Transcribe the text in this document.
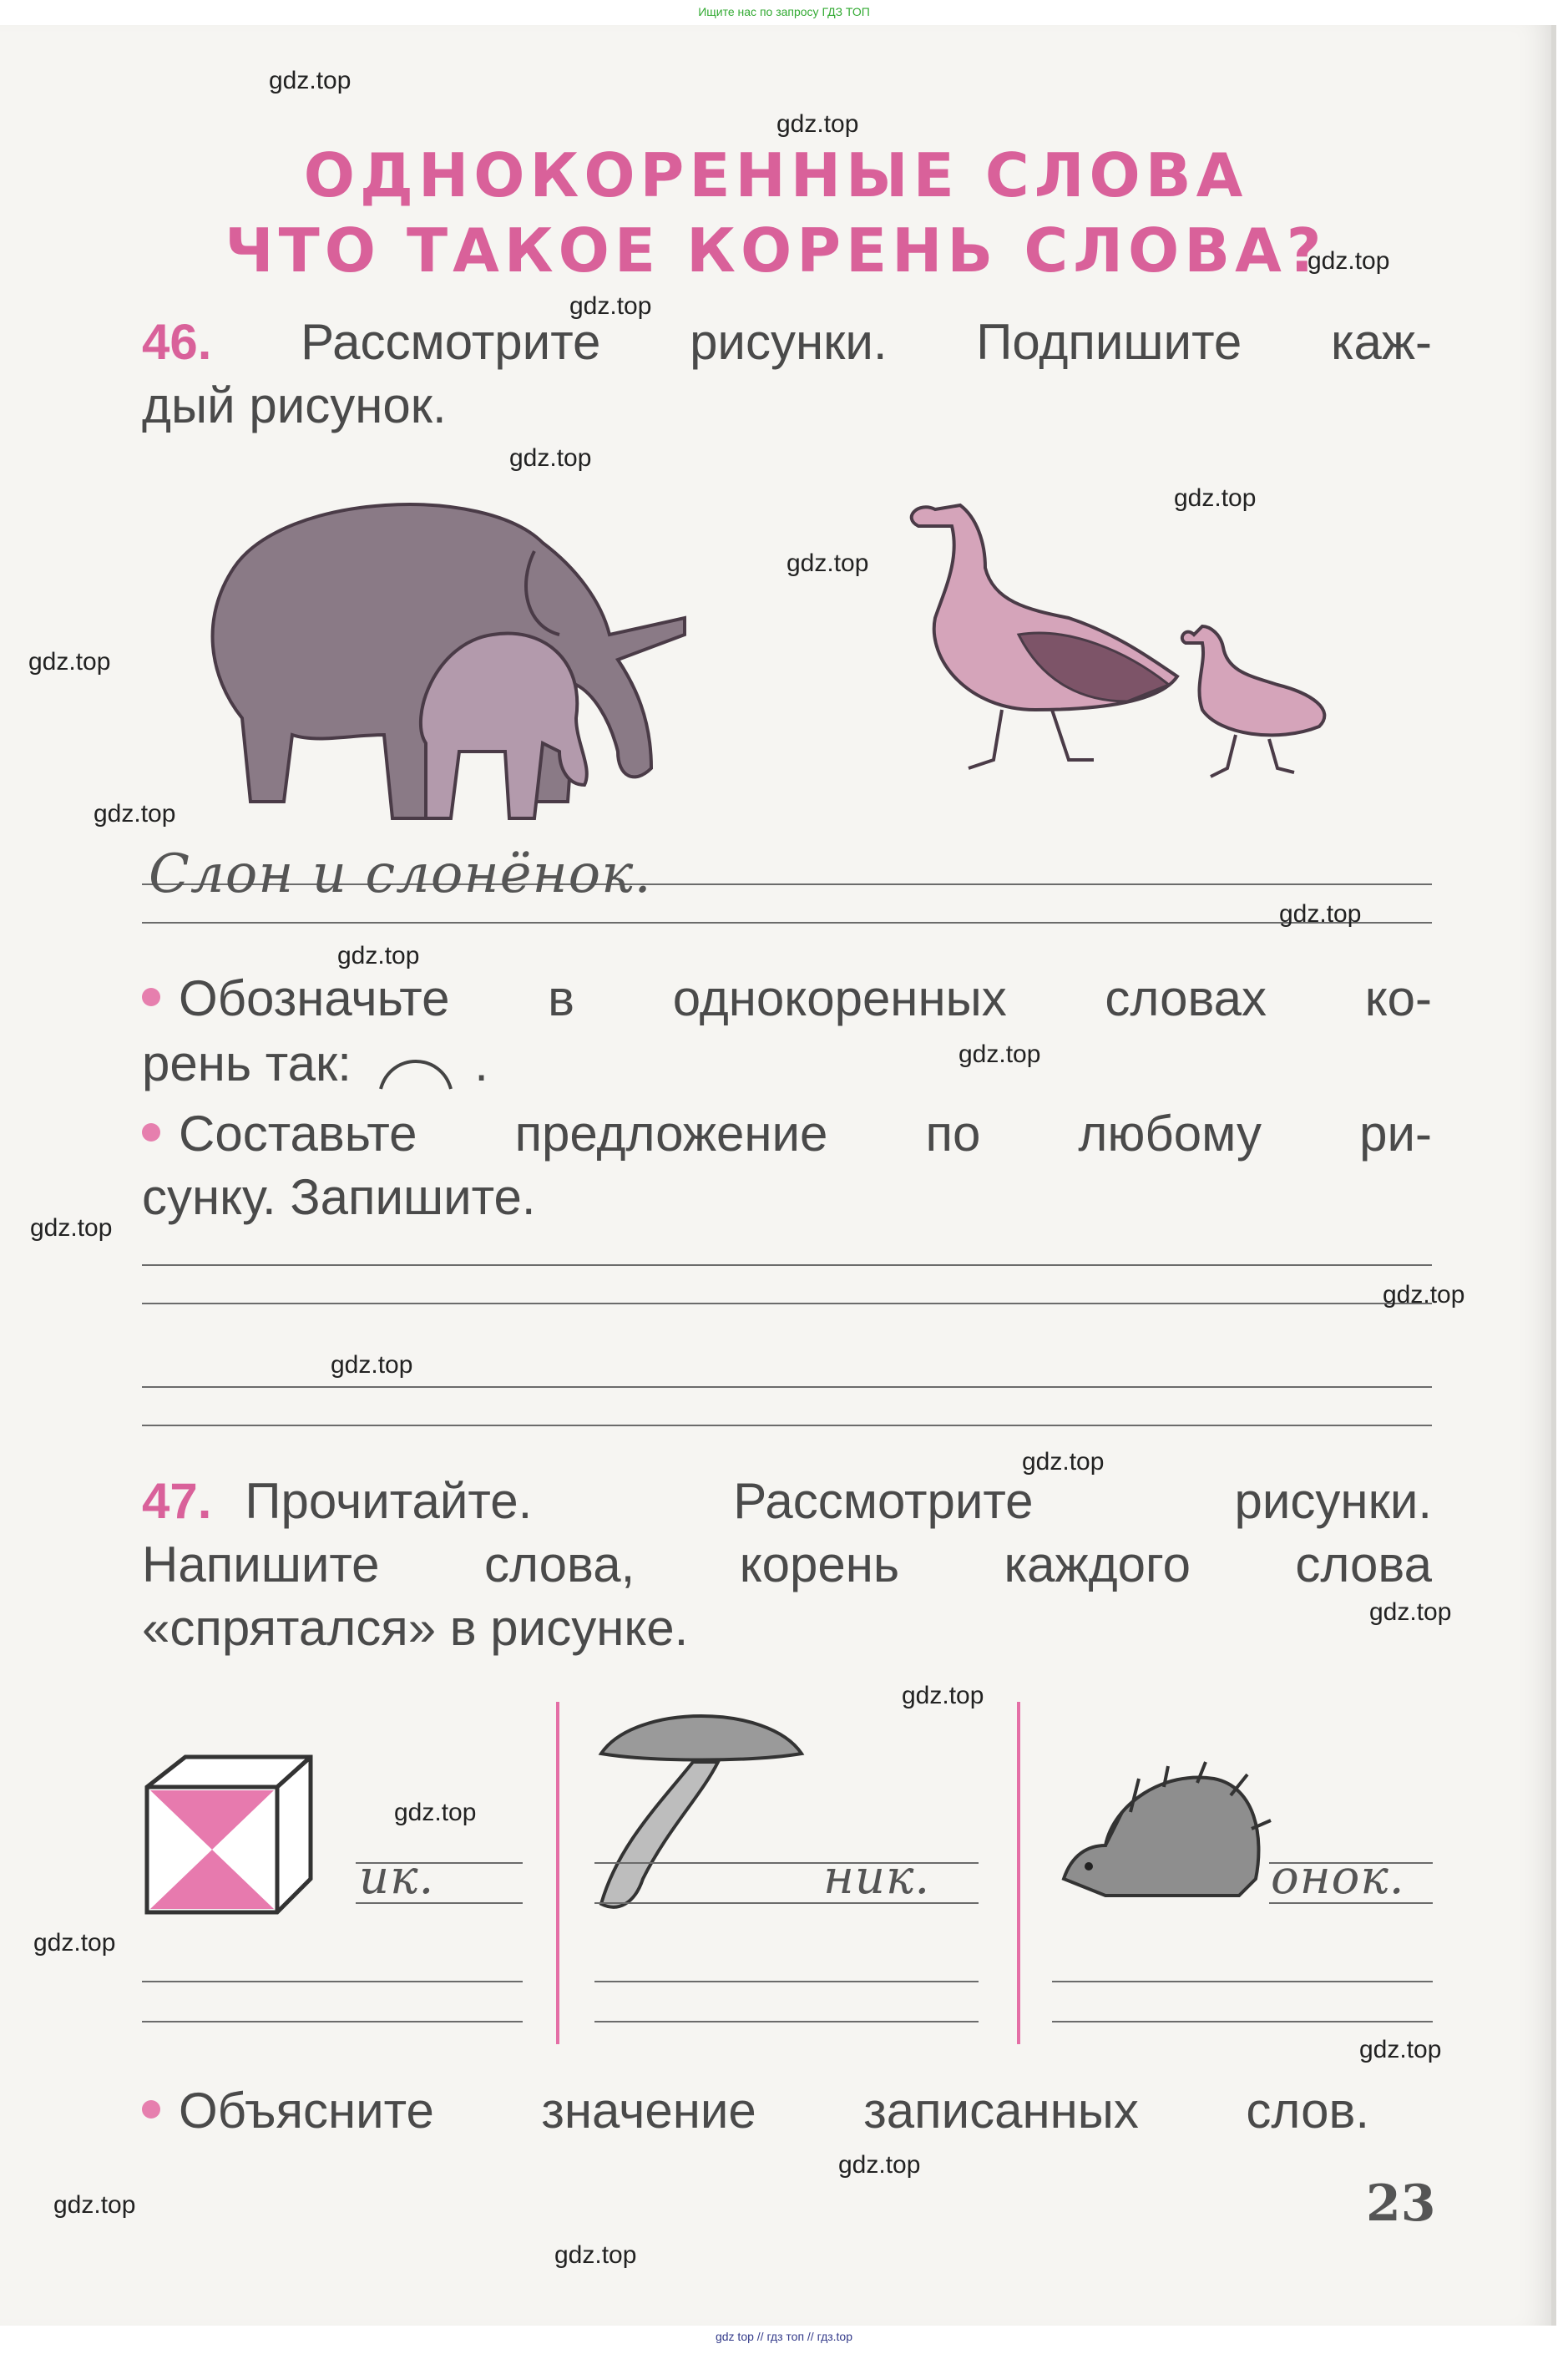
Ищите нас по запросу ГДЗ ТОП
ОДНОКОРЕННЫЕ СЛОВА
ЧТО ТАКОЕ КОРЕНЬ СЛОВА?
46. Рассмотрите рисунки. Подпишите каж-
дый рисунок.
Слон и слонёнок.
Обозначьте в однокоренных словах ко-
рень так: .
Составьте предложение по любому ри-
сунку. Запишите.
47. Прочитайте. Рассмотрите рисунки.
Напишите слова, корень каждого слова
«спрятался» в рисунке.
ик.	ник.	онок.
Объясните значение записанных слов.
23
gdz.top
gdz.top
gdz.top
gdz.top
gdz.top
gdz.top
gdz.top
gdz.top
gdz.top
gdz.top
gdz.top
gdz.top
gdz.top
gdz.top
gdz.top
gdz.top
gdz.top
gdz.top
gdz.top
gdz.top
gdz.top
gdz.top
gdz.top
gdz.top
gdz top // гдз топ // гдз.top
